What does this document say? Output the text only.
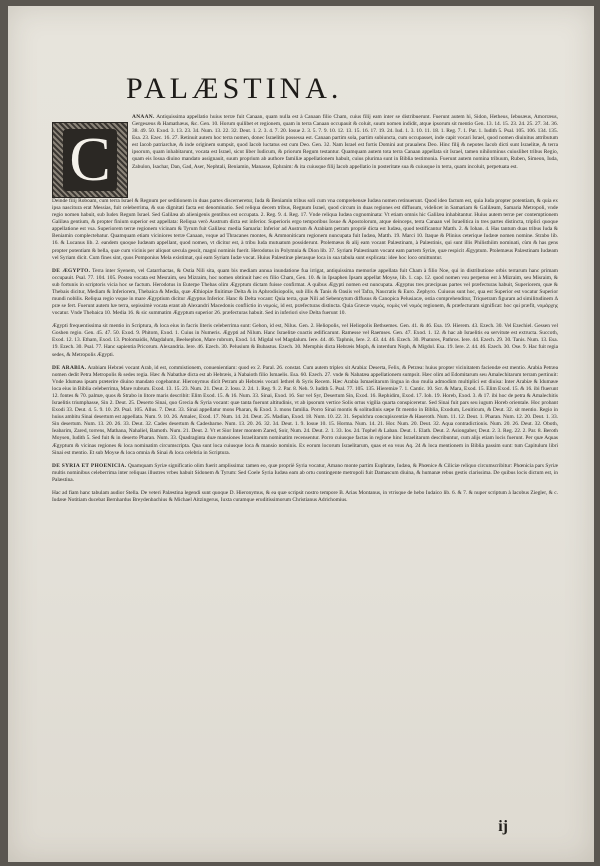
PALÆSTINA.
C

ANAAN. Antiquissima appellatio huius terræ fuit Canaan, quam nulla est à Canaan filio Cham, cuius filij eam inter se distribuerunt. Fuerunt autem hi, Sidon, Hetheus, Iebusæus, Amorræus, Gergesæus & Hamathæus, &c. Gen. 10. Horum quilibet et regionem, quam in terra Canaan occupauit & coluit, suum nomen indidit, atque ipsorum sit mentio Gen. 13. 14. 15. 23. 24. 25. 27. 34. 36. 38. 49. 50. Exod. 3. 13. 23. 34. Num. 13. 22. 32. Deut. 1. 2. 3. 4. 7. 20. Iosue 2. 3. 5. 7. 9. 10. 12. 13. 15. 16. 17. 19. 24. Iud. 1. 3. 10. 11. 18. 1. Reg. 7. 1. Par. 1. Iudith 5. Psal. 105. 106. 134. 135. Esa. 23. Ezec. 16. 27. Retinuit autem hoc terra nomen, donec Israelitis possessa est. Canaan partim sola, partim subiuncta, cum occupasset, inde capit vocari Israel, quod nomen diuinitus attributum est Iacob patriarchæ, & inde originem sumpsit, quod Iacob luctatus est cum Deo. Gen. 32. Nam Israel est fortis Domini aut praualens Deo. Hinc filij & nepotes Iacob dicti sunt Israelitæ, & terra ipsorum, quam inhabitarunt, vocata est Israel, sicut liber Iudicum, & priorum Regum testantur. Quamquam autem tota terra Canaan appellata sit Israel, tamen nihilominus cuiuslibet tribus Regio, quam eis Iosua diuino mandato assignauit, suum proprium ab authore familiæ appellationem habuit, cuius plurima sunt in Biblia testimonia. Fuerunt autem nomina tribuum, Ruben, Simeon, Iuda, Zabulon, Isachar, Dan, Gad, Aser, Nephtali, Beniamin, Manasse, Ephraim: & ita cuiusque filij Iacob appellatio in posteritate sua & cuiusque in terra, quam incoluit, perpetuata est.

Deinde filij Roboam, cum terra Israel & Regnum per seditionem in duas partes discerneretur, Iuda & Beniamin tribus soli cum vna comprehensæ Iudæa nomen retinuerunt. Quod ideo factum est, quia Iuda propter potentiam, & quia ex ipsa nascitura erat Messias, fuit celeberrima, & suo dignitati facta est denominatio. Sed reliqua decem tribus, Regnum Israel, quod circum in duas regiones est diffusum, videlicet in Samariam & Galilæam, Samaria Metropoli, vnde regio nomen habuit, sub Iudex Regum Israel. Sed Galilæa ab alienigenis gentibus est occupata. 2. Reg. 9. 4. Reg. 17. Vnde reliqua Iudæa cognominata: Vt etiam omnis hic Galilæa inhabitantur. Huius autem terræ per contemptionem Galilæa gentium, & propter finium superior est appellata: Reliqua verò Austrum dicta est inferior. Superioris ergo temporibus Iosue & Apostolorum, atque deinceps, terra Canaan vel Israelitica in tres partes distincta, triplici quoque appellatione est vsa. Superiorem terræ regionem vicinam & Tyrum fuit Galilæa: media Samaria: Inferior ad Austrum & Arabiam petram propriè dicta est Iudæa, quod testificantur Matth. 2. & Iohan. 4. Has tantum duas tribus Iuda & Beniamin complectebatur. Quamquam etiam viciniores terræ Canaan, vsque ad Thracanes montes, & Ammoniticam regionem nuncupata fuit Iudæa, Matth. 19. Marci 10. Itaque & Plinius ceterique Iudææ nomen nomine. Strabo lib. 16. & Lucanus lib. 2. eandem quoque Iudæam appellant, quod nomen, vt dicitur est, à tribu Iuda mutuatum possiderunt. Ptolemæus & alij eam vocant Palæstinam, à Palæstinis, qui sunt illis Philisthiim nominati, cùm & has gens propter potentiam & bella, quæ cum vicinis per aliquot sæcula gessit, magni nominis fuerit. Herodotus in Polymnia & Dion lib. 37. Syriam Palæstinam vocant eam partem Syriæ, quæ respicit Ægyptum. Ptolemæus Palæstinam Iudæam vel Syriam dicit. Cum fines sint, quos Pomponius Mela existimat, qui eam Syriam Iudæ vocat. Huius Palæstinæ plerasque loca in sua tabula sunt explicata: idee hoc loco omittuntur.

DE ÆGYPTO. Terra inter Syenem, vel Catarrhactas, & Ostia Nili sita, quam bis mediam annua inundatione fua irrigat, antiquissima memoriæ appellata fuit Cham à filio Noe, qui in distributione orbis terrarum hanc primam occupauit. Psal. 77. 104. 105. Postea vocata est Mesraim, seu Mizraim, hoc nomen obtinuit hæc ex filio Cham, Gen. 10. & in Ipsaphen Ipsam appellat Moyse, lib. 1. cap. 12. quod nomen vsu perpetuo est à Mizraim, seu Misraim, & sub fortunis in scriptoris vicia hoc se factum. Herodotus in Euterpe Thebas olim Ægyptum dictam fuisse confirmat. A quibus Ægypti nomen est nuncupata. Ægyptus tres præcipuas partes vel præfecturas habuit, Superiorem, quæ & Thebais dicitur, Mediam & Inferiorem, Thebaica & Media, quæ Æthiopiæ finitimæ Delta & in Aphrodisiopolis, sub illis & Tanis & Oasiis vel Tafra, Naucratis & Euro. Zephyro. Cuiusus sunt hoc, qua est Superior est vocatur Superior mundi nobilis. Reliqua regio vsque in mare Ægyptium dicitur Ægyptus Inferior. Hanc & Delta vocant: Quia terra, quæ Nili ad Sebennytum diffusus & Canopica Pelusiacæ, ostia comprehenditur, Triquetram figuram ad similitudinem Δ præ se fert. Fuerunt autem hæ terra, sepissimè vocata erant ab Alexandri Macedonis conflictio in νομοὶς, id est, præfecturas distincta. Quia Græcæ νομὸς, νομὸς vel νομὸς regionem, & præfecturam significat: hoc qui præfit, νομάρχης vocatur. Vnde Thebaica 10. Media 16. & sic summatim Ægyptum superior 26. præfecturas habuit. Sed in inferiori sive Delta fuerunt 10.

Ægypti frequentissima sit mentio in Scriptura, & loca eius in facris literis celeberrima sunt: Gehon, id est, Nilus. Gen. 2. Heliopolis, vel Heliopolis Bethsemes. Gen. 41. & 46. Esa. 19. Hierem. 43. Ezech. 30. Vel Ezechiel. Gessen vel Goshen regio. Gen. 45. 47. 50. Exod. 9. Phitom, Exod. 1. Cuius in Numeris. Ægypti ad Nilum. Hanc Israelitæ coactis ædificarunt. Ramesse vel Raemses. Gen. 47. Exod. 1. 12. & hac ab Israelitis ea servitute est extructa. Succoth, Exod. 12. 13. Etham, Exod. 13. Ptolomaidis, Magdalum, Beelsephon, Mare rubrum, Exod. 14. Migdal vel Magdalum. Iere. 44. 46. Taphnis, Iere. 2. 43. 44. 46. Ezech. 30. Phatures, Pathros. Iere. 44. Ezech. 29. 30. Tanis. Num. 13. Esa. 19. Ezech. 30. Psal. 77. Hanc sapientia Pricorum. Alexandria. Iere. 46. Ezech. 30. Pelusium & Bubastus. Ezech. 30. Memphis dicta Hebræis Moph, & interdum Noph, & Migdol. Esa. 19. Iere. 2. 44. 46. Ezech. 30. Ose. 9. Hac fuit regia sedes, & Metropolis Ægypti.

DE ARABIA. Arabiam Hebræi vocant Arab, id est, commistionem, conuenientiam: quod ex 2. Paral. 26. constat. Cum autem triplex sit Arabia: Deserta, Felix, & Petræa: huius propter vicinitatem faciendæ est mentio. Arabia Petræa nomen dedit Petra Metropolis & sedes regia. Hæc & Nabathæ dicta est ab Hebræis, à Nabaioth filio Ismaelis. Esa. 60. Ezech. 27. vnde & Nabatæa appellationem sumpsit. Hæc olim ad Edomitarum seu Amalechitarum terram pertinuit: Vnde Idumæa ipsam præterire diuino mandato cogebantur. Hieronymus dicit Petram ab Hebræis vocari Iethrel & Syris Recem. Hæc Arabia Ismaelitarum lingua in duo mulia admodùm multiplici est diuisa: Inter Arabiæ & Idumææ loca eius in Biblia celeberrima, Mare rubrum. Exod. 13. 15. 23. Num. 21. Deut. 2. Iosu. 2. 24. 1. Reg. 9. 2. Par. 8. Neh. 9. Iudith 5. Psal. 77. 105. 135. Hieremiæ 7. 1. Cantic. 10. Scr. & Mara, Exod. 15. Elim Exod. 15. & 16. ibi fluerunt 12. fontes & 70. palmæ, quos & Strabo in litore maris describit: Elim Exod. 15. & 16. Num. 33. Sinai, Exod. 16. Sur vel Syr, Desertum Sin, Exod. 16. Rephidim, Exod. 17. Ioh. 19. Horeb, Exod. 3. & 17. ibi hoc de petra & Amalechitis Israelitis triumphasse, Sin 2. Deut. 25. Deserto Sinai, quo Grecia & Syria vocant: quæ tanta fuerunt altitudinis, vt ab ipsorum vertice Solis ortus vigilia quarta conspiceretur. Sed Sinai fuit pars seu iugum Horeb orientale. Hoc probant Exodi 33. Deut. 4. 5. 9. 10. 29. Psal. 105. Allus. 7. Deut. 33. Sinai appellatur mons Pharan, & Exod. 3. mons familia. Porro Sinai montis & solitudinis sæpe fit mentio in Biblia, Exodum, Leuiticum, & Deut. 32. sit mentio. Regio in huius ambitu Sinai desertum est appellata. Num. 9. 10. 26. Amalec, Exod. 17. Num. 14. 24. Deut. 25. Madian, Exod. 18. Num. 10. 22. 31. Sepulchra concupiscentiæ & Haseroth. Num. 11. 12. Deut. 1. Pharan. Num. 12. 20. Deut. 1. 33. Sin desertum. Num. 13. 20. 26. 33. Deut. 32. Cades desertum & Cadesbarne. Num. 13. 20. 26. 32. 34. Deut. 1. 9. Iosue 10. 15. Horma. Num. 14. 21. Hor. Num. 20. Deut. 32. Aqua contradictionis. Num. 20. 26. Deut. 32. Oboth, Ieabarim, Zared, torrens, Mathana, Nahaliel, Bamoth. Num. 21. Deut. 2. Vt et Sior Inter montem Zared, Soir, Num. 24. Deut. 2. 1. 33. Ios. 24. Tophel & Laban. Deut. 1. Elath. Deut. 2. Asiongaber, Deut. 2. 3. Reg. 22. 2. Par. 8. Beroth Moysen, Iudith 5. Sed fuit & in deserto Pharan. Num. 33. Quadraginta duæ mansiones Israelitarum nominatim recensentur. Porro cuiusque factas in regione hinc Israelitarum describuntur, cum alijs etiam locis fuerunt. Per quæ Aquas Ægyptum & vicinas regiones & loca nominatim circumscripta. Qua sunt loca cuiusque loca & mansio nominis. Ex eorum locorum Israelitarum, quas et ea vsus Aq. 24 & loca mentionem in Biblia passim sunt: tum Capitulum libri Sinai est mentio. Et sub Moyse & loca omnia & Sinai & loca celebria in Scriptura.

DE SYRIA ET PHOENICIA. Quamquam Syriæ significatio olim fuerit amplissima: tamen eo, quæ propriè Syria vocatur, Amano monte partim Euphrate, Iudæa, & Phœnice & Ciliciæ reliquo circumscribitur: Phœnicia pars Syriæ multis nominibus celeberrima inter reliquas illustres vrbes habuit Sidonem & Tyrum: Sed Coele Syria Iudæa eam ab ortu contingente metropoli fuit Damascum diuina, & humanæ rebus gestis clarissima. De quibus locis dictum est, in Palæstina.

Hac ad fiam hanc tabulam audior Stella. De veteri Palæstina legendi sunt quoque D. Hieronymus, & ea quæ scripsit nostro tempore B. Arias Montanus, in vtrisque de hebo Iudaico lib. 6. & 7. & nuper scriptum à Iacobus Ziegler, & c. Iudææ Notitiam ducebat Bernhardus Breydenbachius & Michael Aitzingerus, Iuxta curamque eruditissimorum Christianus Adrichomius.

ij
